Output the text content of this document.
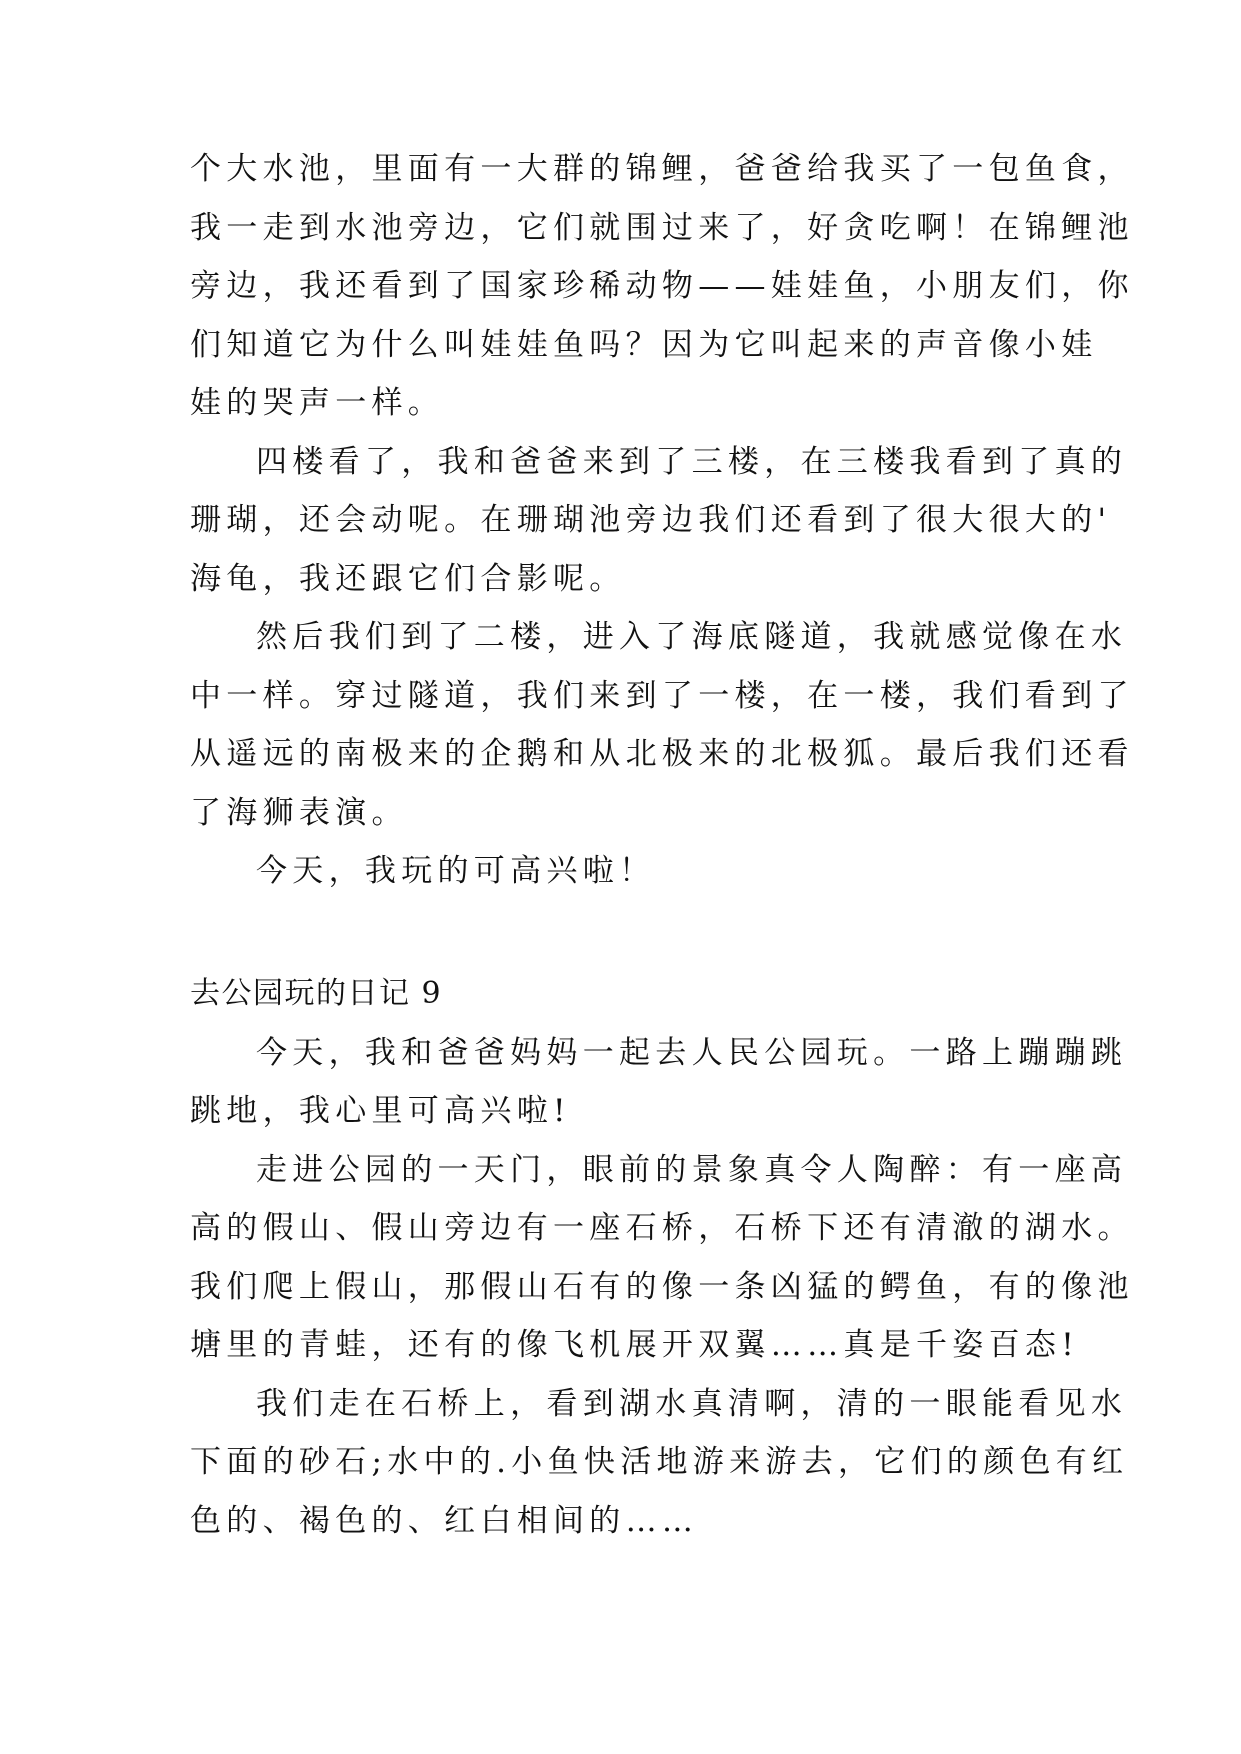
个大水池，里面有一大群的锦鲤，爸爸给我买了一包鱼食，
我一走到水池旁边，它们就围过来了，好贪吃啊！在锦鲤池
旁边，我还看到了国家珍稀动物——娃娃鱼，小朋友们，你
们知道它为什么叫娃娃鱼吗？因为它叫起来的声音像小娃
娃的哭声一样。
四楼看了，我和爸爸来到了三楼，在三楼我看到了真的
珊瑚，还会动呢。在珊瑚池旁边我们还看到了很大很大的'
海龟，我还跟它们合影呢。
然后我们到了二楼，进入了海底隧道，我就感觉像在水
中一样。穿过隧道，我们来到了一楼，在一楼，我们看到了
从遥远的南极来的企鹅和从北极来的北极狐。最后我们还看
了海狮表演。
今天，我玩的可高兴啦！
去公园玩的日记 9
今天，我和爸爸妈妈一起去人民公园玩。一路上蹦蹦跳
跳地，我心里可高兴啦!
走进公园的一天门，眼前的景象真令人陶醉：有一座高
高的假山、假山旁边有一座石桥，石桥下还有清澈的湖水。
我们爬上假山，那假山石有的像一条凶猛的鳄鱼，有的像池
塘里的青蛙，还有的像飞机展开双翼……真是千姿百态!
我们走在石桥上，看到湖水真清啊，清的一眼能看见水
下面的砂石;水中的.小鱼快活地游来游去，它们的颜色有红
色的、褐色的、红白相间的……
